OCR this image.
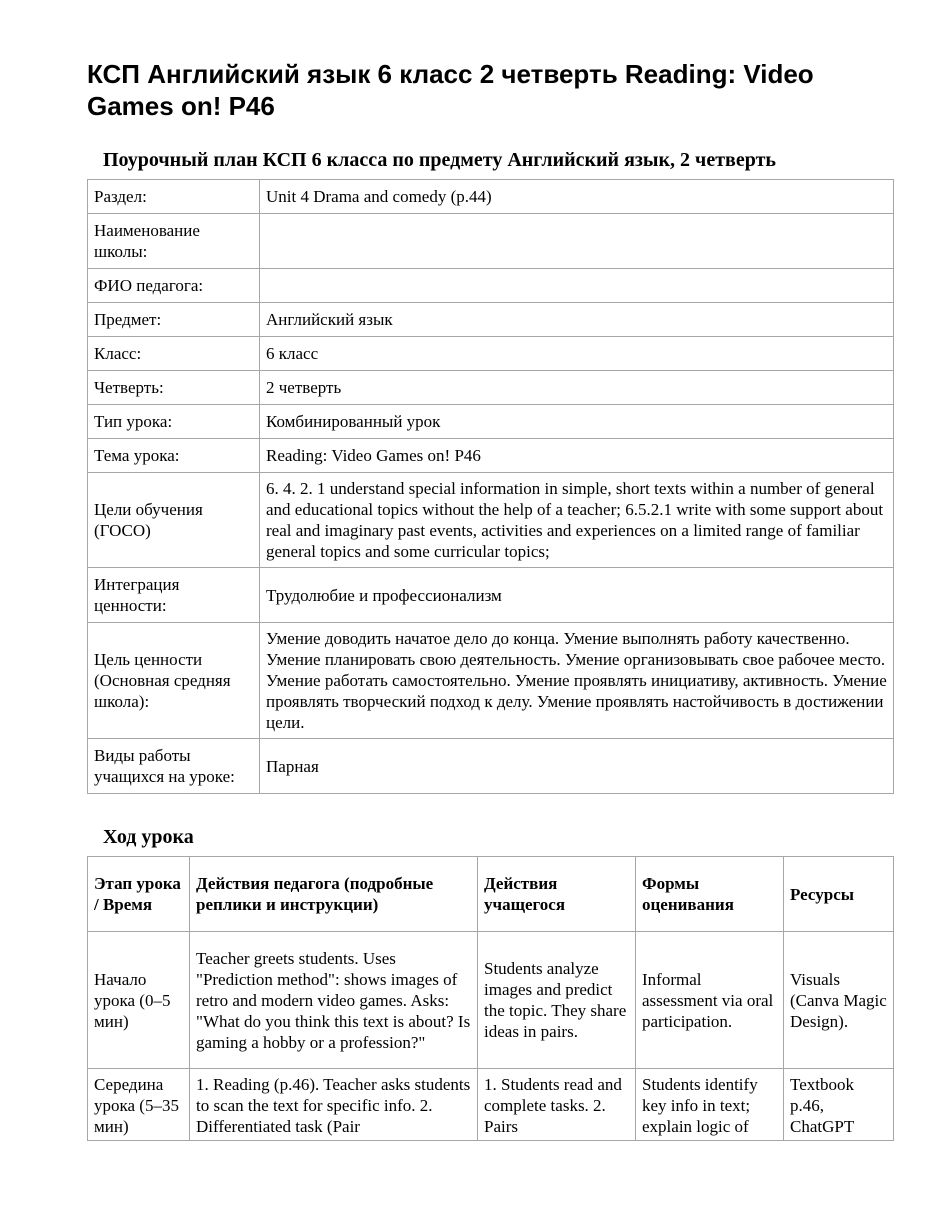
КСП Английский язык 6 класс 2 четверть Reading: Video Games on! P46
Поурочный план КСП 6 класса по предмету Английский язык, 2 четверть
Раздел:	Unit 4 Drama and comedy (p.44)
Наименование школы:	
ФИО педагога:	
Предмет:	Английский язык
Класс:	6 класс
Четверть:	2 четверть
Тип урока:	Комбинированный урок
Тема урока:	Reading: Video Games on! P46
Цели обучения (ГОСО)	6. 4. 2. 1 understand special information in simple, short texts within a number of general and educational topics without the help of a teacher; 6.5.2.1 write with some support about real and imaginary past events, activities and experiences on a limited range of familiar general topics and some curricular topics;
Интеграция ценности:	Трудолюбие и профессионализм
Цель ценности (Основная средняя школа):	Умение доводить начатое дело до конца. Умение выполнять работу качественно. Умение планировать свою деятельность. Умение организовывать свое рабочее место. Умение работать самостоятельно. Умение проявлять инициативу, активность. Умение проявлять творческий подход к делу. Умение проявлять настойчивость в достижении цели.
Виды работы учащихся на уроке:	Парная
Ход урока
Этап урока / Время	Действия педагога (подробные реплики и инструкции)	Действия учащегося	Формы оценивания	Ресурсы
Начало урока (0–5 мин)	Teacher greets students. Uses "Prediction method": shows images of retro and modern video games. Asks: "What do you think this text is about? Is gaming a hobby or a profession?"	Students analyze images and predict the topic. They share ideas in pairs.	Informal assessment via oral participation.	Visuals (Canva Magic Design).
Середина урока (5–35 мин)	1. Reading (p.46). Teacher asks students to scan the text for specific info. 2. Differentiated task (Pair	1. Students read and complete tasks. 2. Pairs	Students identify key info in text; explain logic of	Textbook p.46, ChatGPT
